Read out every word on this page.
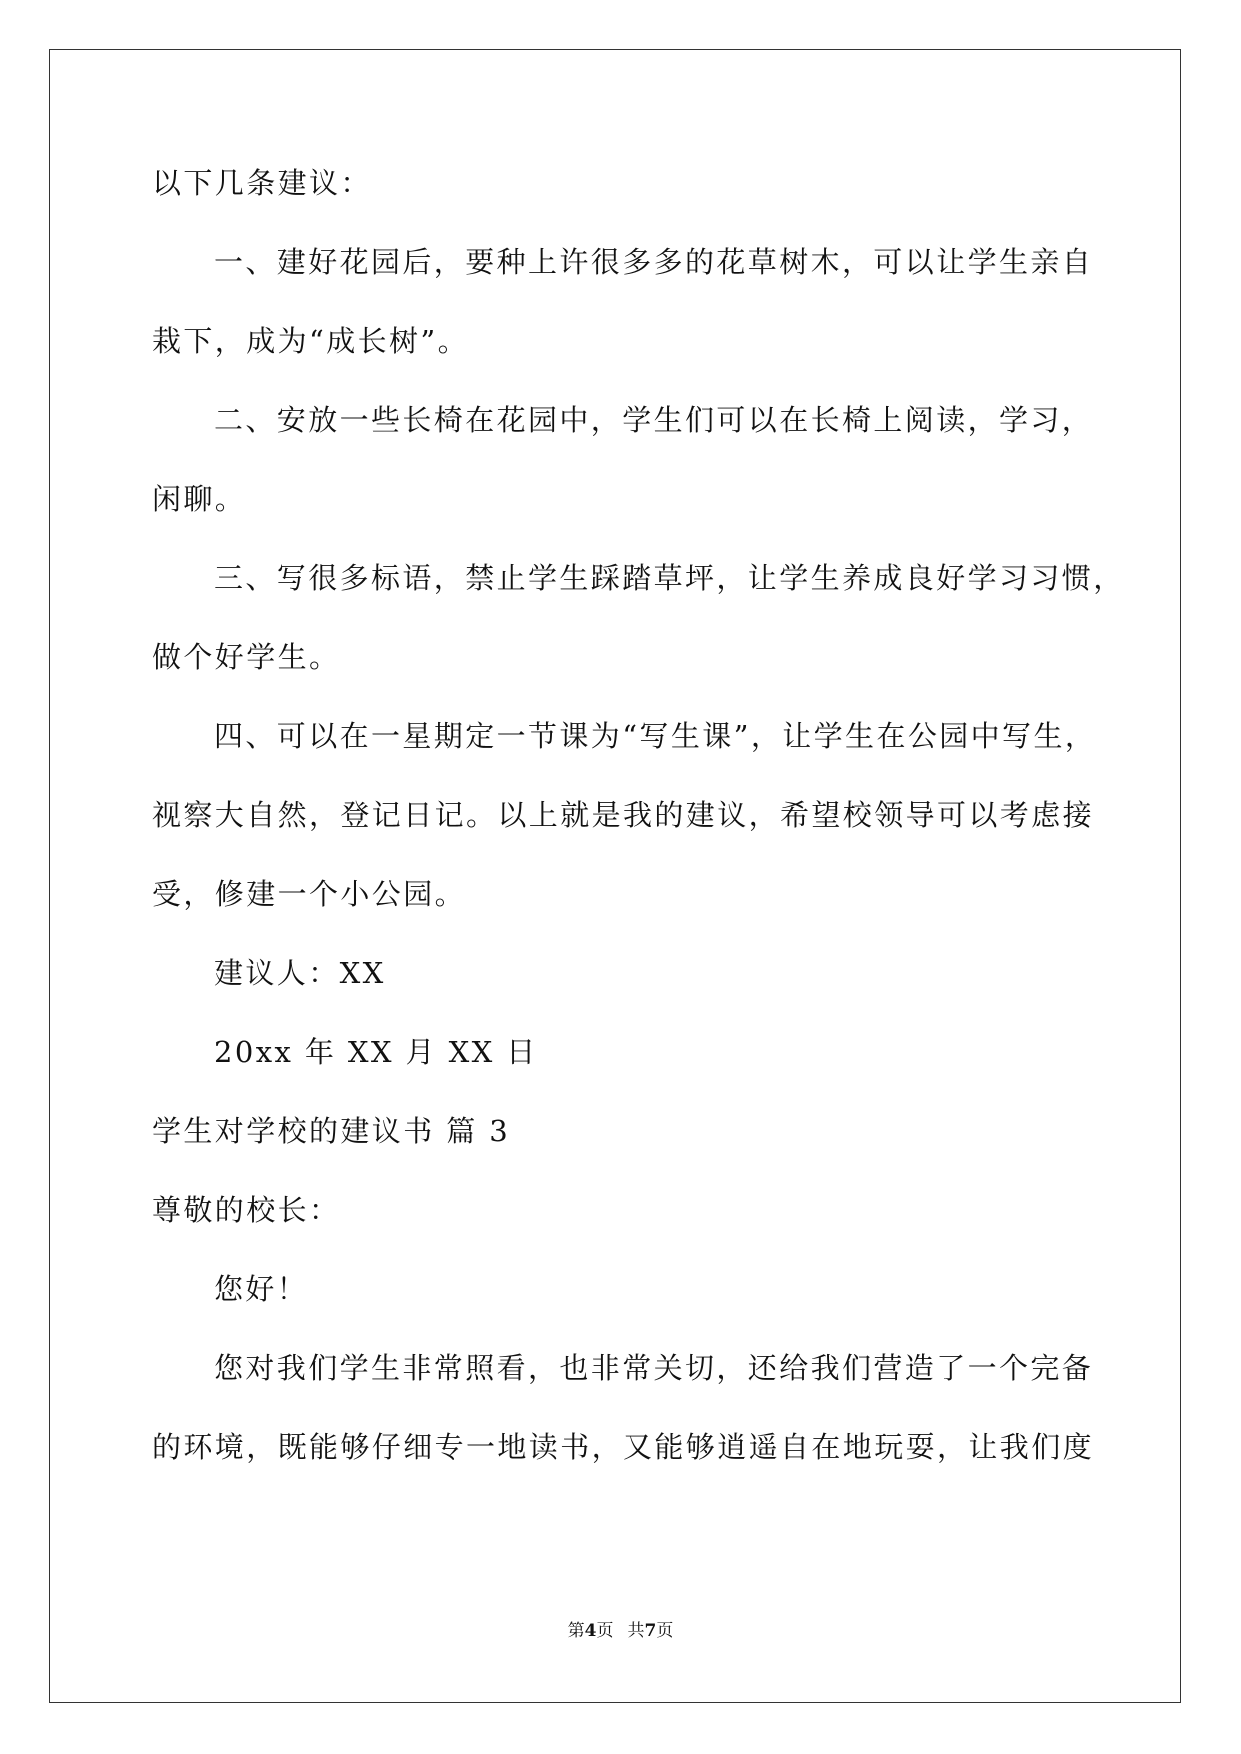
以下几条建议：
一、建好花园后，要种上许很多多的花草树木，可以让学生亲自
栽下，成为“成长树”。
二、安放一些长椅在花园中，学生们可以在长椅上阅读，学习，
闲聊。
三、写很多标语，禁止学生踩踏草坪，让学生养成良好学习习惯，
做个好学生。
四、可以在一星期定一节课为“写生课”，让学生在公园中写生，
视察大自然，登记日记。以上就是我的建议，希望校领导可以考虑接
受，修建一个小公园。
建议人：XX
20xx 年 XX 月 XX 日
学生对学校的建议书 篇 3
尊敬的校长：
您好！
您对我们学生非常照看，也非常关切，还给我们营造了一个完备
的环境，既能够仔细专一地读书，又能够逍遥自在地玩耍，让我们度
第4页 共7页
